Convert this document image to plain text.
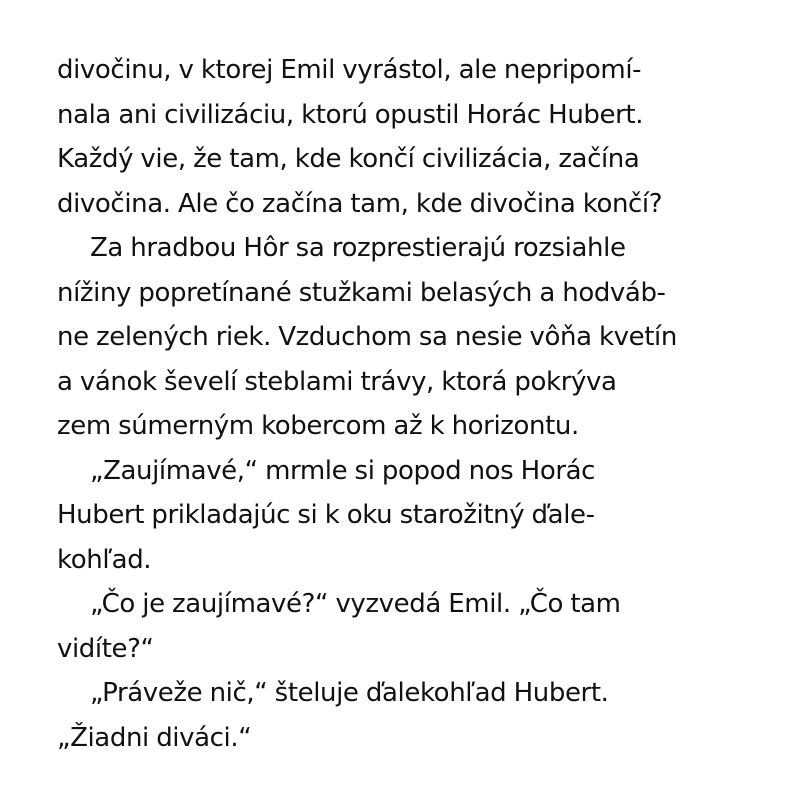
divočinu, v ktorej Emil vyrástol, ale nepripomí-
nala ani civilizáciu, ktorú opustil Horác Hubert.
Každý vie, že tam, kde končí civilizácia, začína
divočina. Ale čo začína tam, kde divočina končí?
Za hradbou Hôr sa rozprestierajú rozsiahle
nížiny popretínané stužkami belasých a hodváb-
ne zelených riek. Vzduchom sa nesie vôňa kvetín
a vánok ševelí steblami trávy, ktorá pokrýva
zem súmerným kobercom až k horizontu.
„Zaujímavé,“ mrmle si popod nos Horác
Hubert prikladajúc si k oku starožitný ďale-
kohľad.
„Čo je zaujímavé?“ vyzvedá Emil. „Čo tam
vidíte?“
„Práveže nič,“ šteluje ďalekohľad Hubert.
„Žiadni diváci.“
